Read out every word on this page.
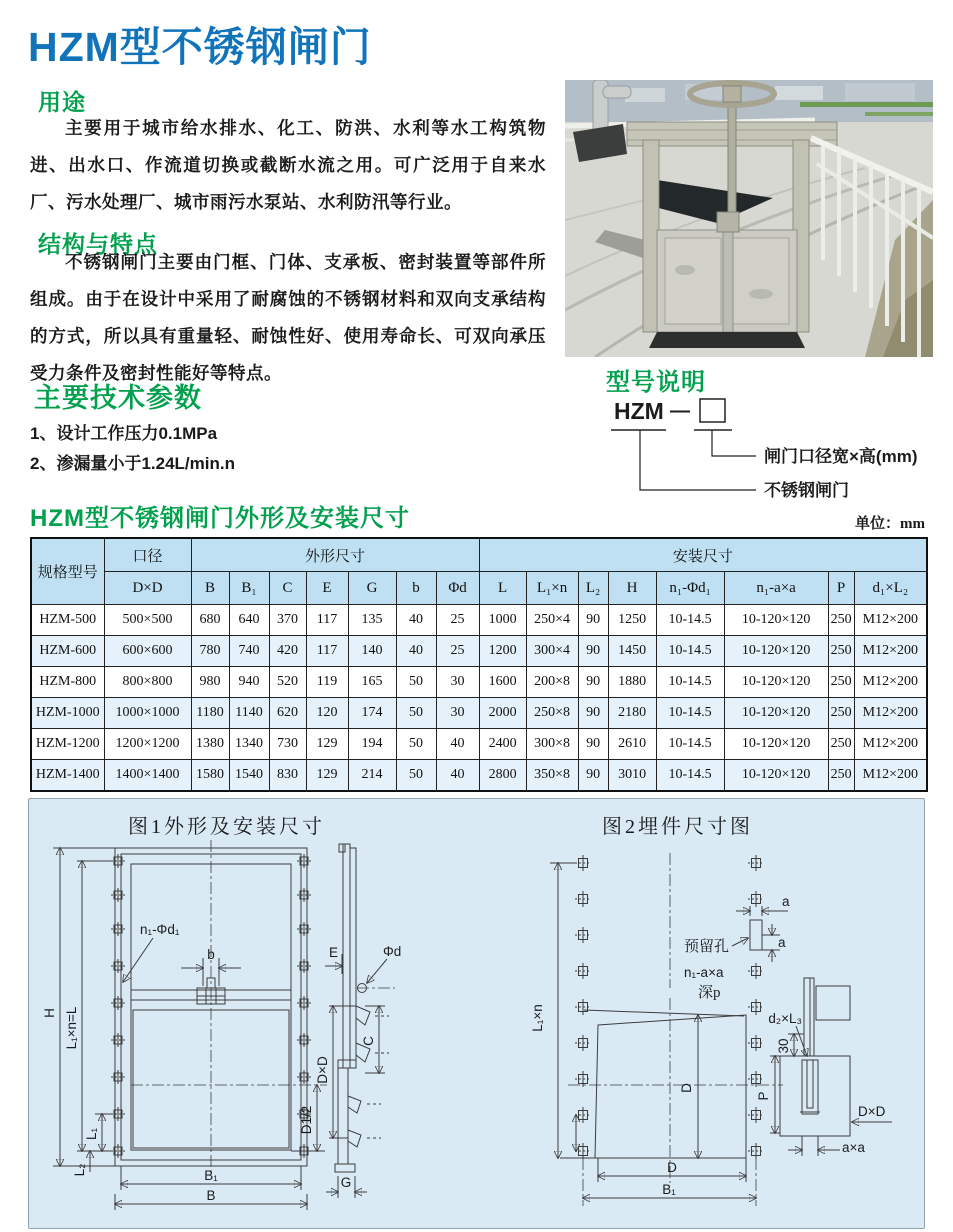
HZM型不锈钢闸门
用途

主要用于城市给水排水、化工、防洪、水利等水工构筑物进、出水口、作流道切换或截断水流之用。可广泛用于自来水厂、污水处理厂、城市雨污水泵站、水利防汛等行业。

结构与特点

不锈钢闸门主要由门框、门体、支承板、密封装置等部件所组成。由于在设计中采用了耐腐蚀的不锈钢材料和双向支承结构的方式，所以具有重量轻、耐蚀性好、使用寿命长、可双向承压受力条件及密封性能好等特点。

主要技术参数
1、设计工作压力0.1MPa
2、渗漏量小于1.24L/min.n
型号说明
HZM —
闸门口径宽×高(mm)
不锈钢闸门
HZM型不锈钢闸门外形及安装尺寸	单位：mm
规格型号	口径	外形尺寸							安装尺寸							
	D×D	B	B₁	C	E	G	b	Φd	L	L₁×n	L₂	H	n₁-Φd₁	n₁-a×a	P	d₁×L₂
HZM-500	500×500	680	640	370	117	135	40	25	1000	250×4	90	1250	10-14.5	10-120×120	250	M12×200
HZM-600	600×600	780	740	420	117	140	40	25	1200	300×4	90	1450	10-14.5	10-120×120	250	M12×200
HZM-800	800×800	980	940	520	119	165	50	30	1600	200×8	90	1880	10-14.5	10-120×120	250	M12×200
HZM-1000	1000×1000	1180	1140	620	120	174	50	30	2000	250×8	90	2180	10-14.5	10-120×120	250	M12×200
HZM-1200	1200×1200	1380	1340	730	129	194	50	40	2400	300×8	90	2610	10-14.5	10-120×120	250	M12×200
HZM-1400	1400×1400	1580	1540	830	129	214	50	40	2800	350×8	90	3010	10-14.5	10-120×120	250	M12×200
图1外形及安装尺寸	图2埋件尺寸图
b
n₁-Φd₁
H L₁×n=L
L₁
L₂	B₁
B
D1/2
E	Φd
D×D
C
G
L₁×n
a
a
预留孔
n₁-a×a
深p
D
D
B₁
d₂×L₃
30
P
D×D
a×a
